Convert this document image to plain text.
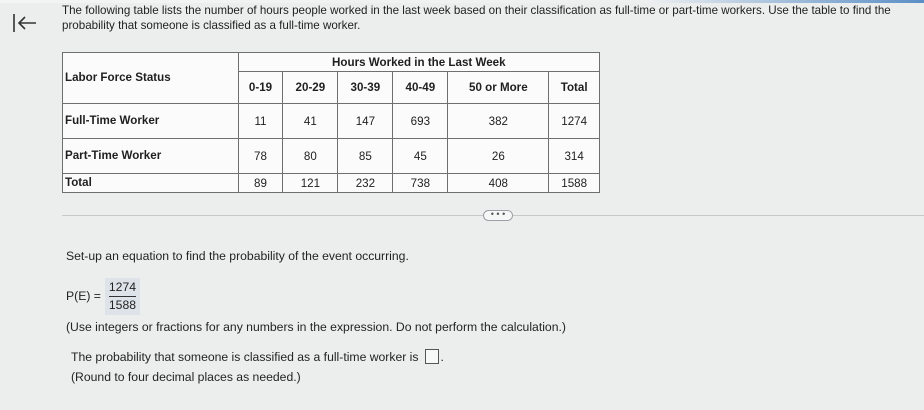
The following table lists the number of hours people worked in the last week based on their classification as full-time or part-time workers. Use the table to find the probability that someone is classified as a full-time worker.
Labor Force Status	Hours Worked in the Last Week					
	0-19	20-29	30-39	40-49	50 or More	Total
Full-Time Worker	11	41	147	693	382	1274
Part-Time Worker	78	80	85	45	26	314
Total	89	121	232	738	408	1588
• • •
Set-up an equation to find the probability of the event occurring.
$P(E) = \frac{1274}{1588}$
(Use integers or fractions for any numbers in the expression. Do not perform the calculation.)
The probability that someone is classified as a full-time worker is .
(Round to four decimal places as needed.)
